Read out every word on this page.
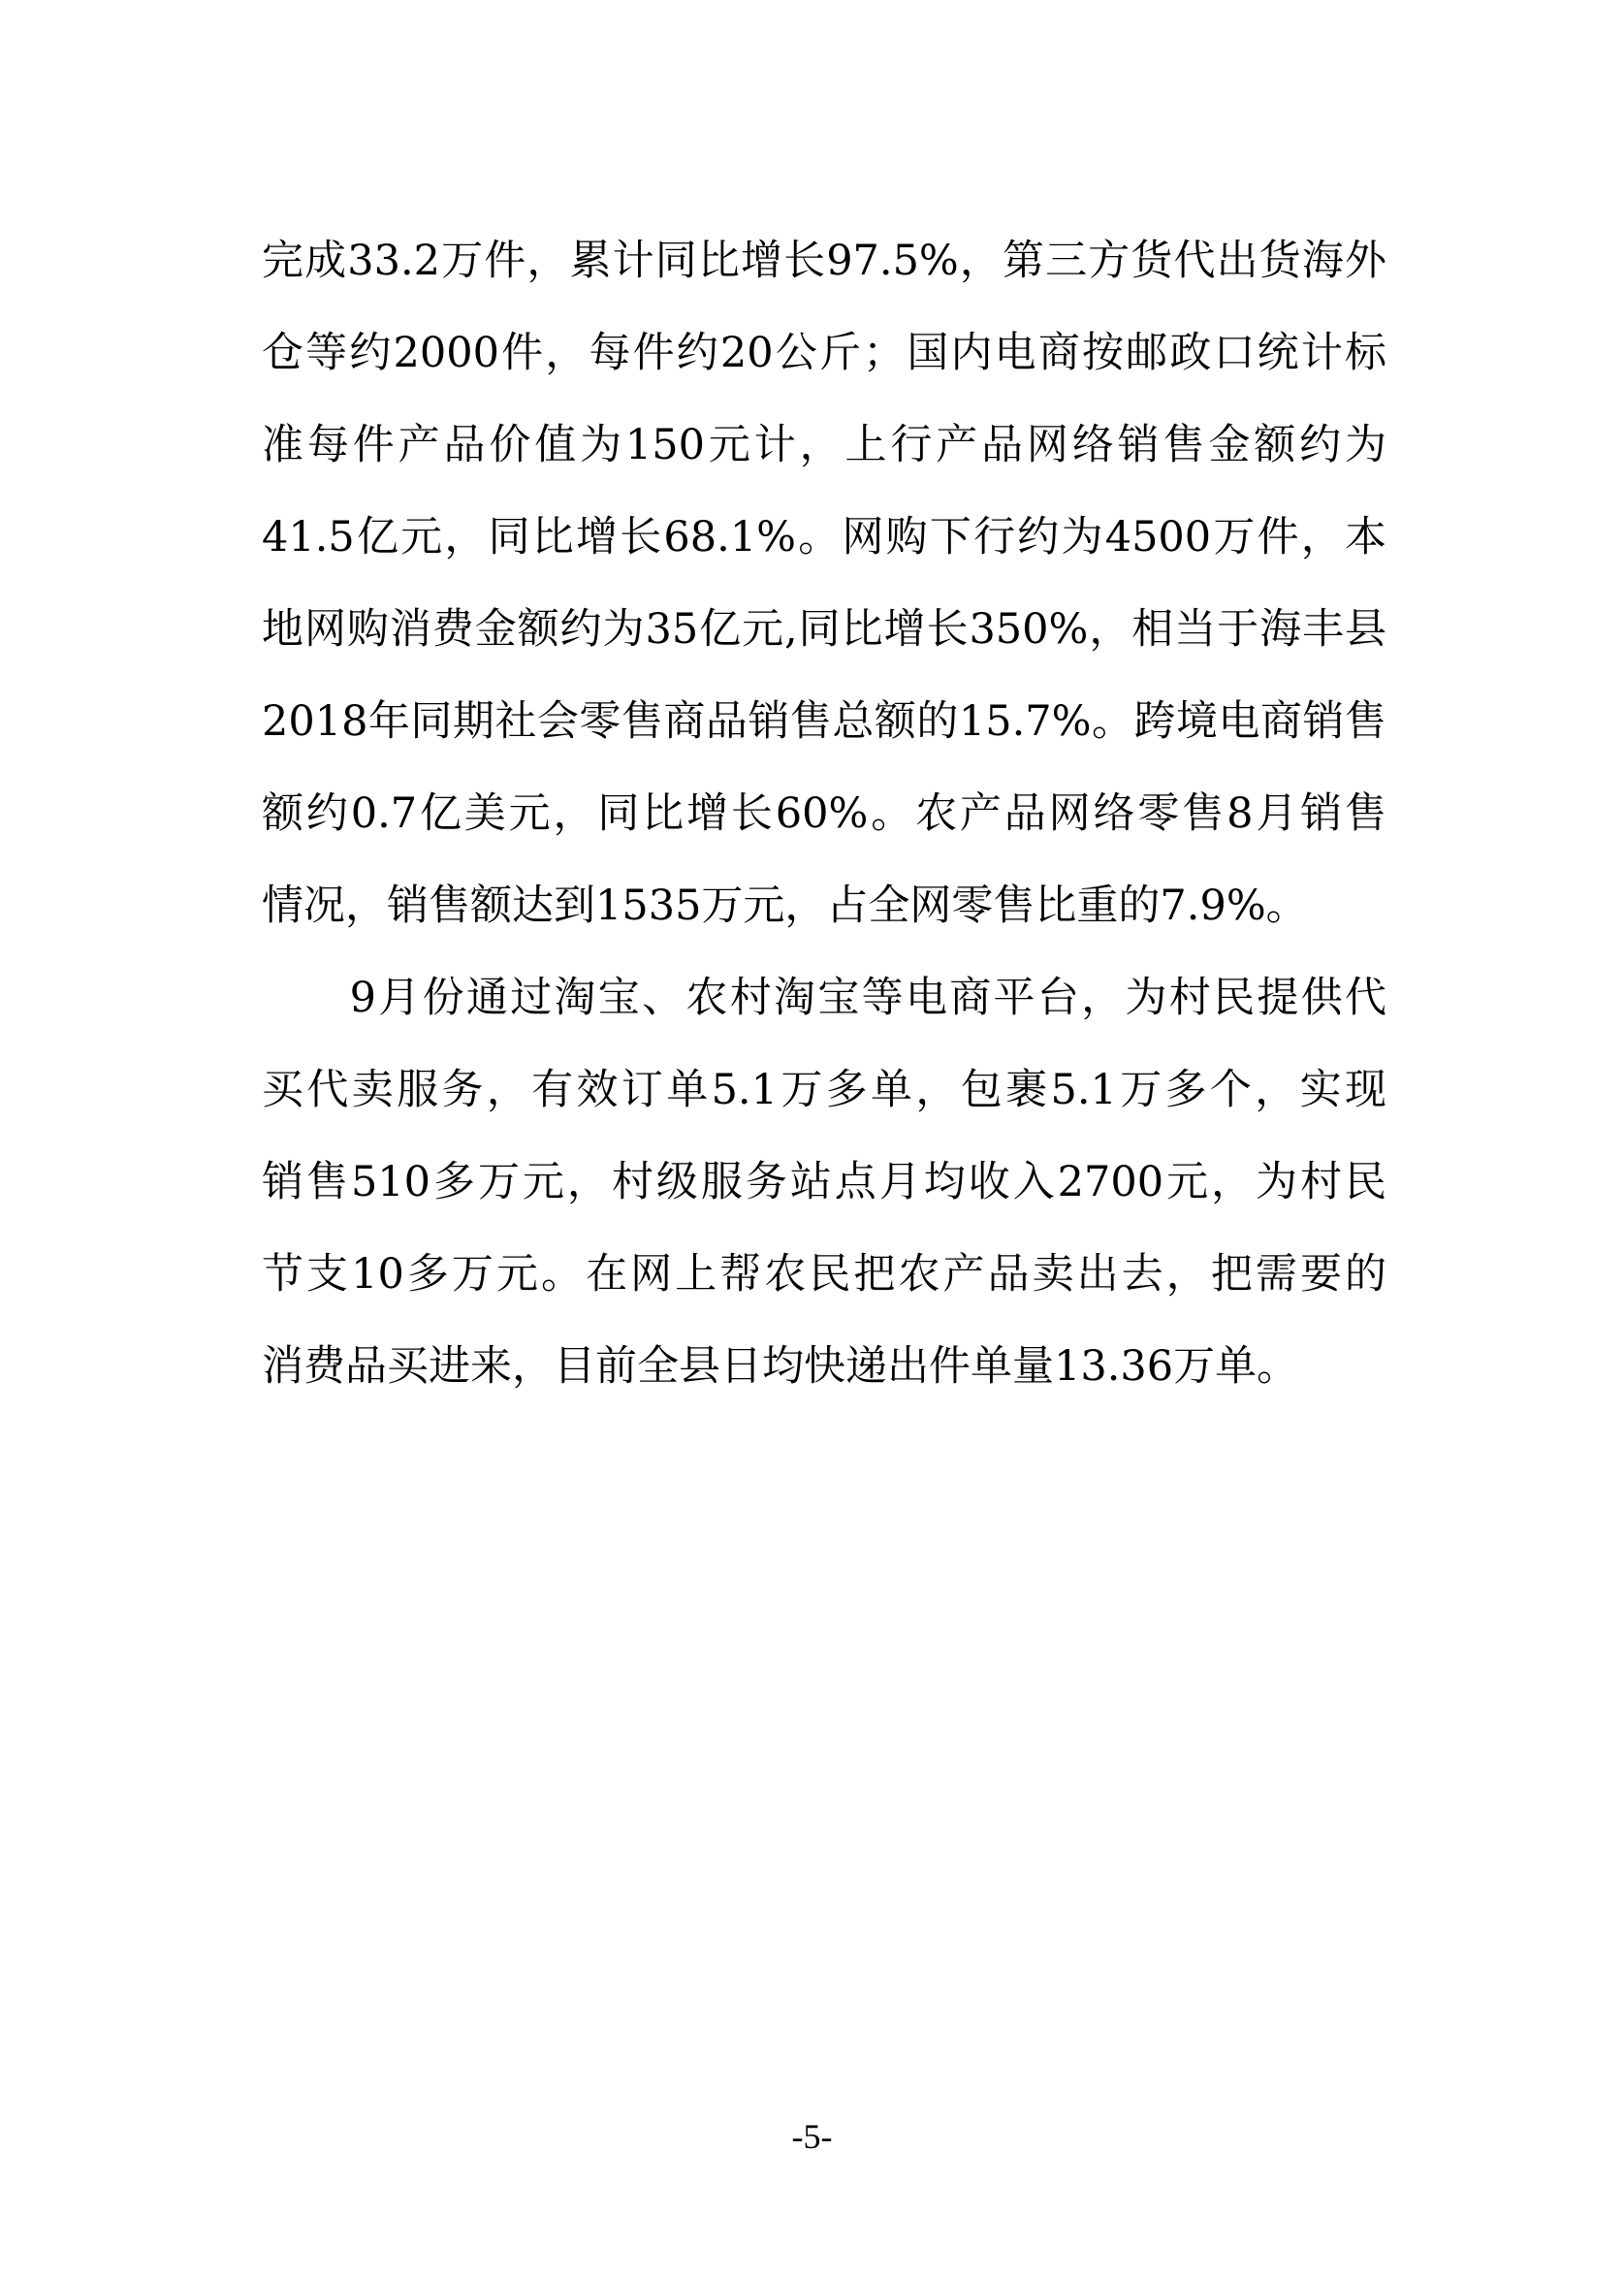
完成33.2万件，累计同比增长97.5%，第三方货代出货海外
仓等约2000件，每件约20公斤；国内电商按邮政口统计标
准每件产品价值为150元计，上行产品网络销售金额约为
41.5亿元，同比增长68.1%。网购下行约为4500万件，本
地网购消费金额约为35亿元,同比增长350%，相当于海丰县
2018年同期社会零售商品销售总额的15.7%。跨境电商销售
额约0.7亿美元，同比增长60%。农产品网络零售8月销售
情况，销售额达到1535万元，占全网零售比重的7.9%。
　　9月份通过淘宝、农村淘宝等电商平台，为村民提供代
买代卖服务，有效订单5.1万多单，包裹5.1万多个，实现
销售510多万元，村级服务站点月均收入2700元，为村民
节支10多万元。在网上帮农民把农产品卖出去，把需要的
消费品买进来，目前全县日均快递出件单量13.36万单。
-5-
